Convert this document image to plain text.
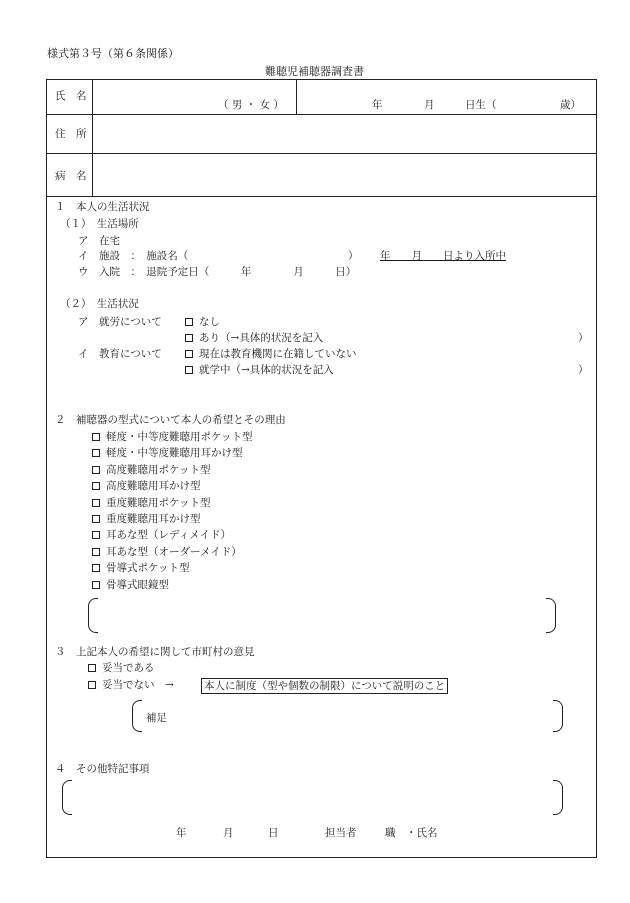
様式第３号（第６条関係）
難聴児補聴器調査書
氏　名
（ 男 ・ 女 ）	年	月	日生（	歳）
住　所
病　名
１　本人の生活状況
（１）　生活場所
ア　在宅
イ　施設　：　施設名（	）	年　　月　　日より入所中
ウ　入院　：　退院予定日（　　　年　　　　月　　　日）
（２）　生活状況
ア　就労について	なし
あり（→具体的状況を記入	）
イ　教育について	現在は教育機関に在籍していない
就学中（→具体的状況を記入	）
２　補聴器の型式について本人の希望とその理由
軽度・中等度難聴用ポケット型
軽度・中等度難聴用耳かけ型
高度難聴用ポケット型
高度難聴用耳かけ型
重度難聴用ポケット型
重度難聴用耳かけ型
耳あな型（レディメイド）
耳あな型（オーダーメイド）
骨導式ポケット型
骨導式眼鏡型
３　上記本人の希望に関して市町村の意見
妥当である
妥当でない　→	本人に制度（型や個数の制限）について説明のこと
補足
４　その他特記事項
年	月	日	担当者	職　・氏名
